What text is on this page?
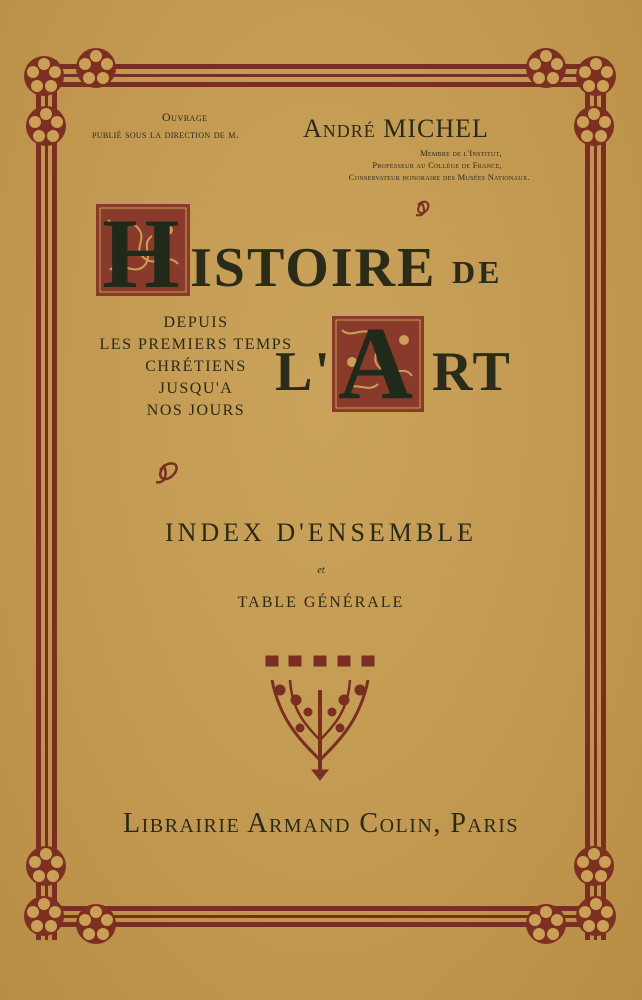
Ouvrage
publié sous la direction de m. André MICHEL
Membre de l'Institut,
Professeur au Collège de France,
Conservateur honoraire des Musées Nationaux.
H ISTOIRE DE
L' A RT
DEPUIS
LES PREMIERS TEMPS
CHRÉTIENS
JUSQU'A
NOS JOURS
INDEX D'ENSEMBLE
et
TABLE GÉNÉRALE
Librairie Armand Colin, Paris
